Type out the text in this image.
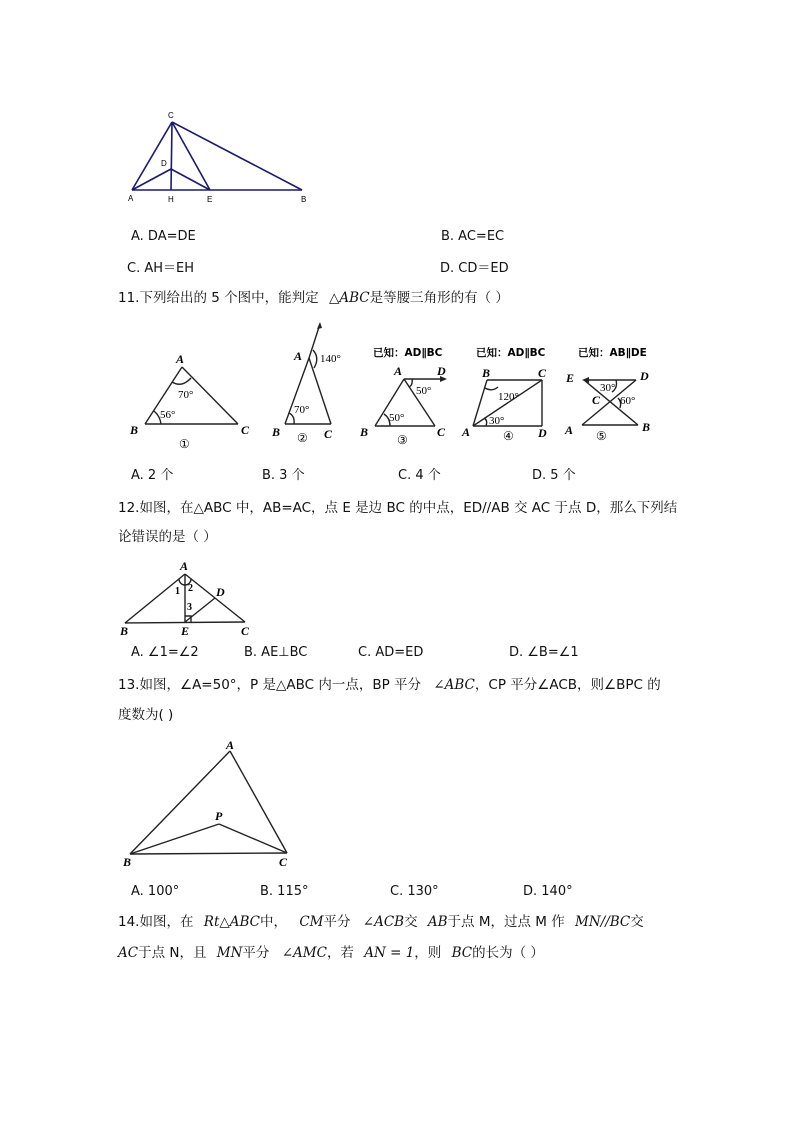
C
D
A	H	E	B
A. DA=DE	B. AC=EC
C. AH＝EH	D. CD＝ED
11.下列给出的 5 个图中，能判定 △ABC是等腰三角形的有（ ）
A
B	C
70°
56°
①
A
B	C
140°
70°
②
已知：AD∥BC
A	D
B	C
50°
50°
③
已知：AD∥BC
B	C
A	D
120°
30°
④
已知：AB∥DE
E	D
C
A	B
30°
60°
⑤
A. 2 个	B. 3 个	C. 4 个	D. 5 个
12.如图，在△ABC 中，AB=AC，点 E 是边 BC 的中点，ED//AB 交 AC 于点 D，那么下列结
论错误的是（ ）
A
B	C
D
E
1 2
3
A. ∠1=∠2	B. AE⊥BC	C. AD=ED	D. ∠B=∠1
13.如图，∠A=50°，P 是△ABC 内一点，BP 平分 ∠ABC，CP 平分∠ACB，则∠BPC 的
度数为( )
A
P
B	C
A. 100°	B. 115°	C. 130°	D. 140°
14.如图，在 Rt△ABC中， CM平分 ∠ACB交 AB于点 M，过点 M 作 MN//BC交
AC于点 N，且 MN平分 ∠AMC，若 AN = 1，则 BC的长为（ ）
